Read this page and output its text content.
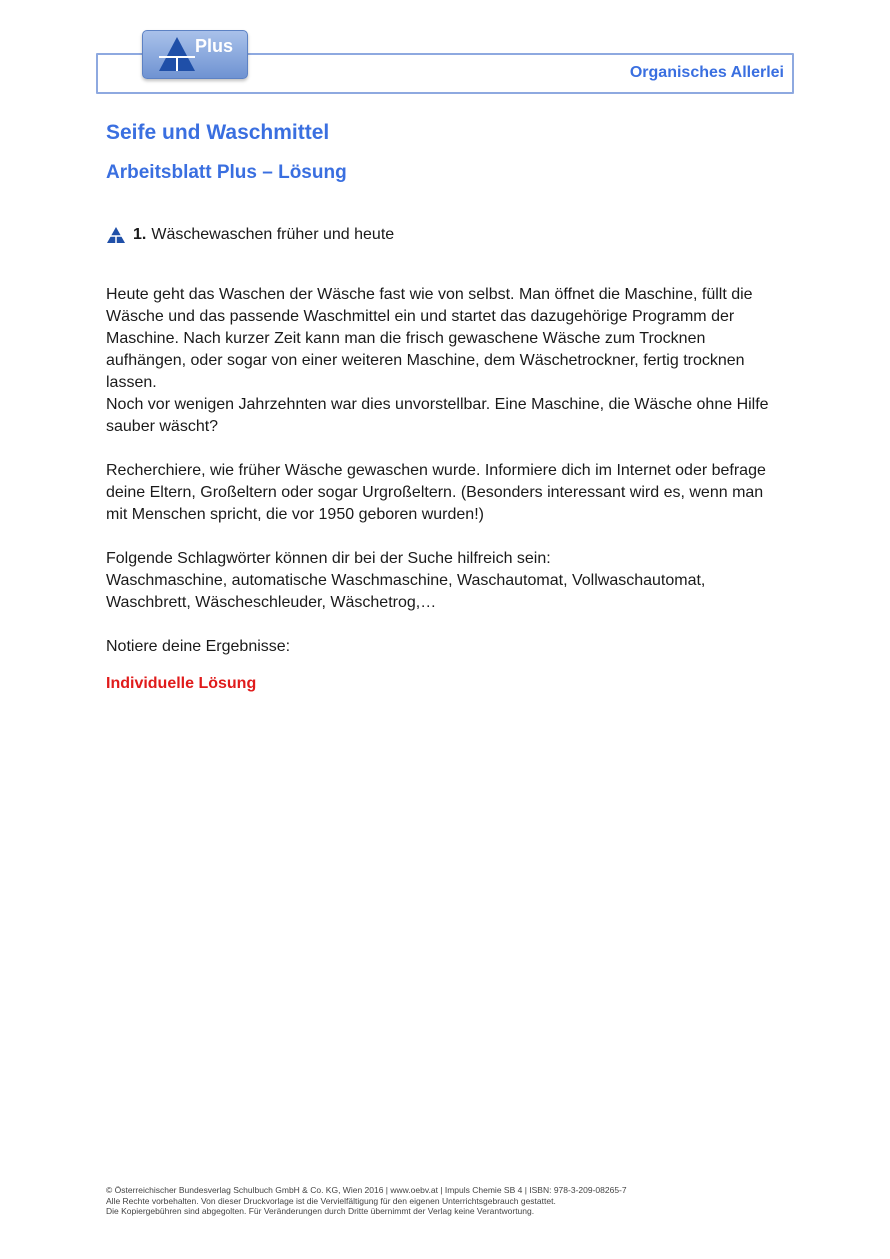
Plus
Organisches Allerlei
Seife und Waschmittel
Arbeitsblatt Plus – Lösung
1. Wäschewaschen früher und heute

Heute geht das Waschen der Wäsche fast wie von selbst. Man öffnet die Maschine, füllt die Wäsche und das passende Waschmittel ein und startet das dazugehörige Programm der Maschine. Nach kurzer Zeit kann man die frisch gewaschene Wäsche zum Trocknen aufhängen, oder sogar von einer weiteren Maschine, dem Wäschetrockner, fertig trocknen lassen.

Noch vor wenigen Jahrzehnten war dies unvorstellbar. Eine Maschine, die Wäsche ohne Hilfe sauber wäscht?

Recherchiere, wie früher Wäsche gewaschen wurde. Informiere dich im Internet oder befrage deine Eltern, Großeltern oder sogar Urgroßeltern. (Besonders interessant wird es, wenn man mit Menschen spricht, die vor 1950 geboren wurden!)

Folgende Schlagwörter können dir bei der Suche hilfreich sein:

Waschmaschine, automatische Waschmaschine, Waschautomat, Vollwaschautomat, Waschbrett, Wäscheschleuder, Wäschetrog,…

Notiere deine Ergebnisse:

Individuelle Lösung
© Österreichischer Bundesverlag Schulbuch GmbH & Co. KG, Wien 2016 | www.oebv.at | Impuls Chemie SB 4 | ISBN: 978-3-209-08265-7
Alle Rechte vorbehalten. Von dieser Druckvorlage ist die Vervielfältigung für den eigenen Unterrichtsgebrauch gestattet.
Die Kopiergebühren sind abgegolten. Für Veränderungen durch Dritte übernimmt der Verlag keine Verantwortung.
